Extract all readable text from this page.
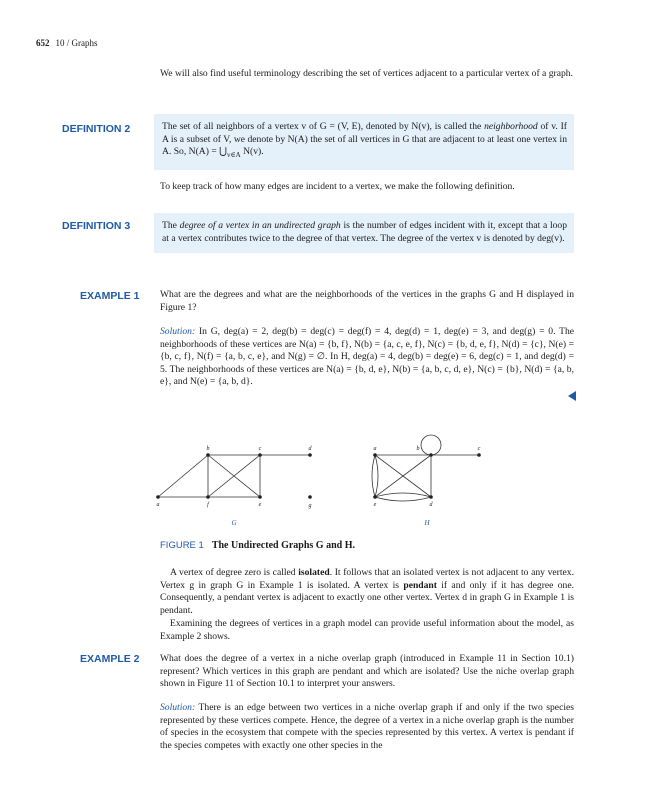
652 10 / Graphs
We will also find useful terminology describing the set of vertices adjacent to a particular vertex of a graph.
DEFINITION 2	The set of all neighbors of a vertex v of G = (V, E), denoted by N(v), is called the neighborhood of v. If A is a subset of V, we denote by N(A) the set of all vertices in G that are adjacent to at least one vertex in A. So, $N(A) = ⋃_{v\in A}$ N(v).
To keep track of how many edges are incident to a vertex, we make the following definition.
DEFINITION 3	The degree of a vertex in an undirected graph is the number of edges incident with it, except that a loop at a vertex contributes twice to the degree of that vertex. The degree of the vertex v is denoted by deg(v).
EXAMPLE 1 What are the degrees and what are the neighborhoods of the vertices in the graphs G and H displayed in Figure 1?
Solution: In G, deg(a) = 2, deg(b) = deg(c) = deg(f) = 4, deg(d) = 1, deg(e) = 3, and deg(g) = 0. The neighborhoods of these vertices are N(a) = {b, f}, N(b) = {a, c, e, f}, N(c) = {b, d, e, f}, N(d) = {c}, N(e) = {b, c, f}, N(f) = {a, b, c, e}, and N(g) = ∅. In H, deg(a) = 4, deg(b) = deg(e) = 6, deg(c) = 1, and deg(d) = 5. The neighborhoods of these vertices are N(a) = {b, d, e}, N(b) = {a, b, c, d, e}, N(c) = {b}, N(d) = {a, b, e}, and N(e) = {a, b, d}.
b	c	d
a	f	e	g
a	b	c
d
e
G	H
FIGURE 1 The Undirected Graphs G and H.
A vertex of degree zero is called isolated. It follows that an isolated vertex is not adjacent to any vertex. Vertex g in graph G in Example 1 is isolated. A vertex is pendant if and only if it has degree one. Consequently, a pendant vertex is adjacent to exactly one other vertex. Vertex d in graph G in Example 1 is pendant.
Examining the degrees of vertices in a graph model can provide useful information about the model, as Example 2 shows.
EXAMPLE 2 What does the degree of a vertex in a niche overlap graph (introduced in Example 11 in Section 10.1) represent? Which vertices in this graph are pendant and which are isolated? Use the niche overlap graph shown in Figure 11 of Section 10.1 to interpret your answers.
Solution: There is an edge between two vertices in a niche overlap graph if and only if the two species represented by these vertices compete. Hence, the degree of a vertex in a niche overlap graph is the number of species in the ecosystem that compete with the species represented by this vertex. A vertex is pendant if the species competes with exactly one other species in the
